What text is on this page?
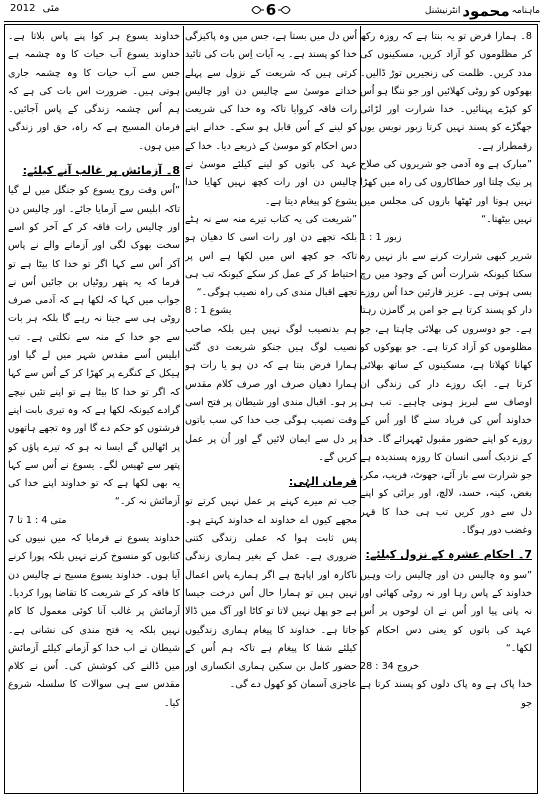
ماہنامہ
محمود
انٹرنیشنل
6
مئی 2012

8۔ ہمارا فرض تو یہ بنتا ہے کہ روزہ رکھ کر مظلوموں کو آزاد کریں، مسکینوں کی مدد کریں۔ ظلمت کی زنجیریں توڑ ڈالیں۔ بھوکوں کو روٹی کھلائیں اور جو ننگا ہو اُس کو کپڑے پہنائیں۔ خدا شرارت اور لڑائی جھگڑے کو پسند نہیں کرتا زبور نویس یوں رقمطراز ہے۔

”مبارک ہے وہ آدمی جو شریروں کی صلاح پر نیک چلتا اور خطاکاروں کی راہ میں کھڑا نہیں ہوتا اور ٹھٹھا بازوں کی مجلس میں نہیں بیٹھتا۔“

زبور 1 : 1

شریر کبھی شرارت کرنے سے باز نہیں رہ سکتا کیونکہ شرارت اُس کے وجود میں رچ بسی ہوتی ہے۔ عزیز قارئین خدا اُس روزے دار کو پسند کرتا ہے جو امن پر گامزن رہتا ہے۔ جو دوسروں کی بھلائی چاہتا ہے، جو مظلوموں کو آزاد کرتا ہے۔ جو بھوکوں کو کھانا کھلاتا ہے، مسکینوں کے ساتھ بھلائی کرتا ہے۔ ایک روزے دار کی زندگی ان اوصاف سے لبریز ہونی چاہیے۔ تب ہی خداوند اُس کی فریاد سنے گا اور اُس کے روزے کو اپنے حضور مقبول ٹھہرائے گا۔ خدا کے نزدیک اُسی انسان کا روزہ پسندیدہ ہے جو شرارت سے باز آئے، جھوٹ، فریب، مکر، بغض، کینہ، حسد، لالچ، اور برائی کو اپنے دل سے دور کریں تب ہی خدا کا قہر وغضب دور ہوگا۔

7۔ احکام عشرہ کے نزول کیلئے:

”سو وہ چالیس دن اور چالیس رات وہیں خداوند کے پاس رہا اور نہ روٹی کھائی اور نہ پانی پیا اور اُس نے ان لوحوں پر اُس عہد کی باتوں کو یعنی دس احکام کو لکھا۔“

خروج 34 : 28

خدا پاک ہے وہ پاک دلوں کو پسند کرتا ہے جو

اُس دل میں بستا ہے، جس میں وہ پاکیزگی خدا کو پسند ہے۔ یہ آیات اِس بات کی تائید کرتی ہیں کہ شریعت کے نزول سے پہلے خداتے موسیٰ سے چالیس دن اور چالیس رات فاقہ کروایا تاکہ وہ خدا کی شریعت کو لینے کے اُس قابل ہو سکے۔ خدانے اپنے دس احکام کو موسیٰ کے ذریعے دیا۔ خدا کے عہد کی باتوں کو لینے کیلئے موسیٰ نے چالیس دن اور رات کچھ نہیں کھایا خدا یشوع کو پیغام دیتا ہے۔

”شریعت کی یہ کتاب تیرے منہ سے نہ ہٹے بلکہ تجھے دن اور رات اسی کا دھیان ہو تاکہ جو کچھ اس میں لکھا ہے اس پر احتیاط کر کے عمل کر سکے کیونکہ تب ہی تجھے اقبال مندی کی راہ نصیب ہوگی۔“

یشوع 1 : 8

ہم بدنصیب لوگ نہیں ہیں بلکہ صاحب نصیب لوگ ہیں جنکو شریعت دی گئی ہمارا فرض بنتا ہے کہ دن ہو یا رات ہو ہمارا دھیان صرف اور صرف کلام مقدس پر ہو۔ اقبال مندی اور شیطان پر فتح اسی وقت نصیب ہوگی جب خدا کی سب باتوں پر دل سے ایمان لائیں گے اور اُن پر عمل کریں گے۔

فرمان الہٰی:

جب تم میرے کہنے پر عمل نہیں کرتے تو مجھے کیوں اے خداوند اے خداوند کہتے ہو۔ پس ثابت ہوا کہ عملی زندگی کتنی ضروری ہے۔ عمل کے بغیر ہماری زندگی ناکارہ اور اپاہج ہے اگر ہمارے پاس اعمال نہیں ہیں تو ہمارا حال اُس درخت جیسا ہے جو پھل نہیں لاتا تو کاٹا اور آگ میں ڈالا جاتا ہے۔ خداوند کا پیغام ہماری زندگیوں کیلئے شفا کا پیغام ہے تاکہ ہم اُس کے حضور کامل بن سکیں ہماری انکساری اور عاجزی آسمان کو کھول دے گی۔

خداوند یسوع ہر کوا پنے پاس بلاتا ہے۔ خداوند یسوع آب حیات کا وہ چشمہ ہے جس سے آب حیات کا وہ چشمہ جاری ہوتی ہیں۔ ضرورت اس بات کی ہے کہ ہم اُس چشمہ زندگی کے پاس آجائیں۔ فرمان المسیح ہے کہ راہ، حق اور زندگی میں ہوں۔

8۔ آزمائش پر غالب آنے کیلئے:

”اُس وقت روح یسوع کو جنگل میں لے گیا تاکہ ابلیس سے آزمایا جائے۔ اور چالیس دن اور چالیس رات فاقہ کر کے آخر کو اسے سخت بھوک لگی اور آزمانے والے نے پاس آکر اُس سے کہا اگر تو خدا کا بیٹا ہے تو فرما کہ یہ پتھر روٹیاں بن جائیں اُس نے جواب میں کہا کہ لکھا ہے کہ آدمی صرف روٹی ہی سے جیتا نہ رہے گا بلکہ ہر بات سے جو خدا کے منہ سے نکلتی ہے۔ تب ابلیس اُسے مقدس شہر میں لے گیا اور ہیکل کے کنگرے پر کھڑا کر کے اُس سے کہا کہ اگر تو خدا کا بیٹا ہے تو اپنے تئیں نیچے گرادے کیونکہ لکھا ہے کہ وہ تیری بابت اپنے فرشتوں کو حکم دے گا اور وہ تجھے ہاتھوں پر اٹھالیں گے ایسا نہ ہو کہ تیرے پاؤں کو پتھر سے ٹھیس لگے۔ یسوع نے اُس سے کہا یہ بھی لکھا ہے کہ تو خداوند اپنے خدا کی آزمائش نہ کر۔“

متی 4 : 1 تا 7

خداوند یسوع نے فرمایا کہ میں نبیوں کی کتابوں کو منسوخ کرنے نہیں بلکہ پورا کرنے آیا ہوں۔ خداوند یسوع مسیح نے چالیس دن کا فاقہ کر کے شریعت کا تقاضا پورا کردیا۔ آزمائش پر غالب آنا کوئی معمول کا کام نہیں بلکہ یہ فتح مندی کی نشانی ہے۔ شیطان نے اب خدا کو آزمانے کیلئے آزمائش میں ڈالنے کی کوشش کی۔ اُس نے کلام مقدس سے ہی سوالات کا سلسلہ شروع کیا۔
